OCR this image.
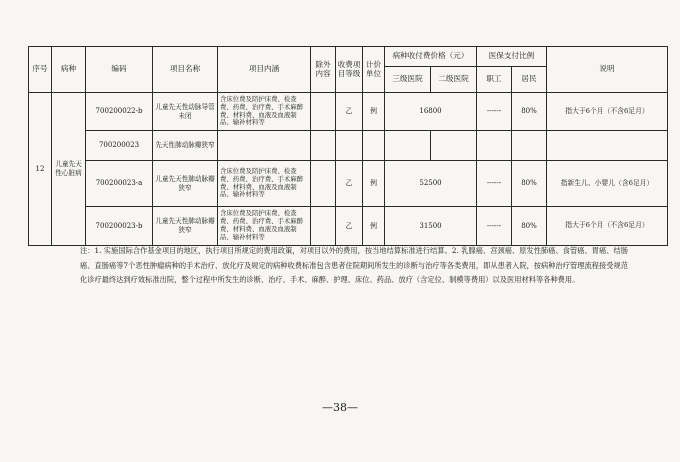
序号	病种	编码	项目名称	项目内涵	除外内容	收费项目等级	计价单位	病种收付费价格（元）		医保支付比例		说明
								三级医院	二级医院	职工	居民	
12	儿童先天性心脏病	700200022-b	儿童先天性动脉导管未闭	含床位费及陪护床费、检查费、药费、治疗费、手术麻醉费、材料费、血液及血液制品、输补材料等		乙	例	16800		------	80%	指大于6个月（不含6足月）
		700200023	先天性肺动脉瓣狭窄									
		700200023-a	儿童先天性肺动脉瓣狭窄	含床位费及陪护床费、检查费、药费、治疗费、手术麻醉费、材料费、血液及血液制品、输补材料等		乙	例	52500		------	80%	指新生儿、小婴儿（含6足月）
		700200023-b	儿童先天性肺动脉瓣狭窄	含床位费及陪护床费、检查费、药费、治疗费、手术麻醉费、材料费、血液及血液制品、输补材料等		乙	例	31500		------	80%	指大于6个月（不含6足月）
注：1. 实施国际合作基金项目的地区，执行项目所规定的费用政策，对项目以外的费用，按当地结算标准进行结算。2. 乳腺癌、宫颈癌、原发性肺癌、食管癌、胃癌、结肠癌、直肠癌等7个恶性肿瘤病种的手术治疗、放化疗及规定的病种收费标准包含患者住院期间所发生的诊断与治疗等各类费用，即从患者入院，按病种治疗管理流程接受规范化诊疗最终达到疗效标准出院，整个过程中所发生的诊断、治疗、手术、麻醉、护理、床位、药品、放疗（含定位、制模等费用）以及医用材料等各种费用。
—38—
